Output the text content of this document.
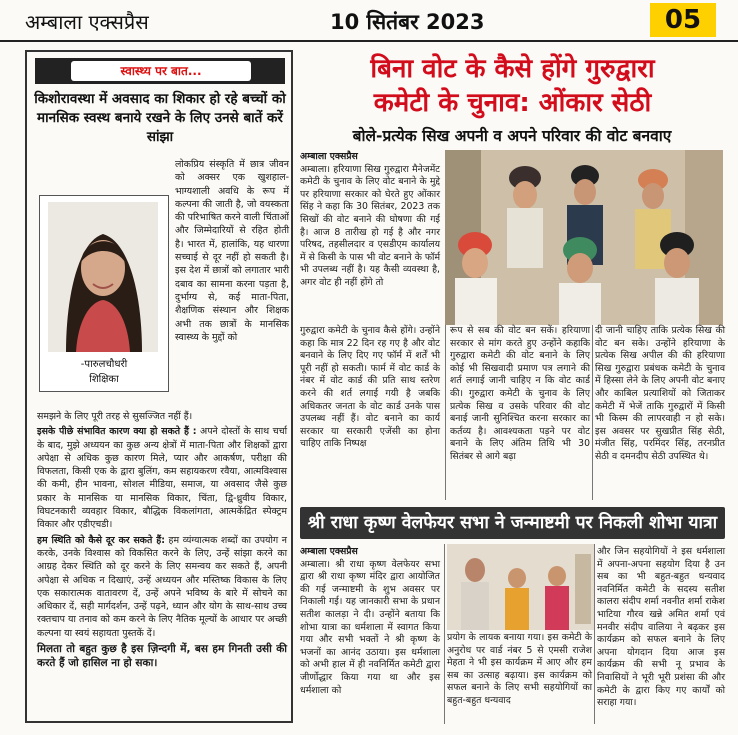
अम्बाला एक्सप्रैस	10 सितंबर 2023	05
स्वास्थ्य पर बात...
किशोरावस्था में अवसाद का शिकार हो रहे बच्चों को मानसिक स्वस्थ बनाये रखने के लिए उनसे बातें करें सांझा
-पारुलचौधरी
शिक्षिका

लोकप्रिय संस्कृति में छात्र जीवन को अक्सर एक खुशहाल-भाग्यशाली अवधि के रूप में कल्पना की जाती है, जो वयस्कता की परिभाषित करने वाली चिंताओं और जिम्मेदारियों से रहित होती है। भारत में, हालांकि, यह धारणा सच्चाई से दूर नहीं हो सकती है। इस देश में छात्रों को लगातार भारी दबाव का सामना करना पड़ता है, दुर्भाग्य से, कई माता-पिता, शैक्षणिक संस्थान और शिक्षक अभी तक छात्रों के मानसिक स्वास्थ्य के मुद्दों को

समझने के लिए पूरी तरह से सुसज्जित नहीं हैं।

इसके पीछे संभावित कारण क्या हो सकते हैं : अपने दोस्तों के साथ चर्चा के बाद, मुझे अध्ययन का कुछ अन्य क्षेत्रों में माता-पिता और शिक्षकों द्वारा अपेक्षा से अधिक कुछ कारण मिले, प्यार और आकर्षण, परीक्षा की विफलता, किसी एक के द्वारा बुलिंग, कम सहायकरण रवैया, आत्मविश्वास की कमी, हीन भावना, सोशल मीडिया, समाज, या अवसाद जैसे कुछ प्रकार के मानसिक या मानसिक विकार, चिंता, द्वि-ध्रुवीय विकार, विघटनकारी व्यवहार विकार, बौद्धिक विकलांगता, आत्मकेंद्रित स्पेक्ट्रम विकार और एडीएचडी।

हम स्थिति को कैसे दूर कर सकते हैं: हम व्यंग्यात्मक शब्दों का उपयोग न करके, उनके विश्वास को विकसित करने के लिए, उन्हें सांझा करने का आग्रह देकर स्थिति को दूर करने के लिए समन्वय कर सकते हैं, अपनी अपेक्षा से अधिक न दिखाएं, उन्हें अध्ययन और मस्तिष्क विकास के लिए एक सकारात्मक वातावरण दें, उन्हें अपने भविष्य के बारे में सोचने का अधिकार दें, सही मार्गदर्शन, उन्हें पढ़ने, ध्यान और योग के साथ-साथ उच्च रक्तचाप या तनाव को कम करने के लिए नैतिक मूल्यों के आधार पर अच्छी कल्पना या स्वयं सहायता पुस्तकें दें।

मिलता तो बहुत कुछ है इस ज़िन्दगी में, बस हम गिनती उसी की करते हैं जो हासिल ना हो सका।

बिना वोट के कैसे होंगे गुरुद्वारा
कमेटी के चुनाव: ओंकार सेठी
बोले-प्रत्येक सिख अपनी व अपने परिवार की वोट बनवाए
अम्बाला एक्सप्रैस
अम्बाला। हरियाणा सिख गुरुद्वारा मैनेजमेंट कमेटी के चुनाव के लिए वोट बनाने के मुद्दे पर हरियाणा सरकार को घेरते हुए ओंकार सिंह ने कहा कि 30 सितंबर, 2023 तक सिखों की वोट बनाने की घोषणा की गई है। आज 8 तारीख हो गई है और नगर परिषद, तहसीलदार व एसडीएम कार्यालय में से किसी के पास भी वोट बनाने के फॉर्म भी उपलब्ध नहीं है। यह कैसी व्यवस्था है, अगर वोट ही नहीं होंगे तो
गुरुद्वारा कमेटी के चुनाव कैसे होंगे। उन्होंने कहा कि मात्र 22 दिन रह गए है और वोट बनवाने के लिए दिए गए फॉर्म में शर्तें भी पूरी नहीं हो सकती। फार्म में वोट कार्ड के नंबर में वोट कार्ड की प्रति साथ स्तरेण करने की शर्त लगाई गयी है जबकि अधिकतर जनता के वोट कार्ड उनके पास उपलब्ध नहीं हैं। वोट बनाने का कार्य सरकार या सरकारी एजेंसी का होना चाहिए ताकि निष्पक्ष
रूप से सब की वोट बन सकें। हरियाणा सरकार से मांग करते हुए उन्होंने कहाकि गुरुद्वारा कमेटी की वोट बनाने के लिए कोई भी सिखवादी प्रमाण पत्र लगाने की शर्त लगाई जानी चाहिए न कि वोट कार्ड की। गुरुद्वारा कमेटी के चुनाव के लिए प्रत्येक सिख व उसके परिवार की वोट बनाई जानी सुनिश्चित करना सरकार का कर्तव्य है। आवश्यकता पड़ने पर वोट बनाने के लिए अंतिम तिथि भी 30 सितंबर से आगे बढ़ा
दी जानी चाहिए ताकि प्रत्येक सिख की वोट बन सके। उन्होंने हरियाणा के प्रत्येक सिख अपील की की हरियाणा सिख गुरुद्वारा प्रबंधक कमेटी के चुनाव में हिस्सा लेने के लिए अपनी वोट बनाए और काबिल प्रत्याशियों को जिताकर कमेटी में भेजें ताकि गुरुद्वारों में किसी भी किस्म की लापरवाही न हो सके। इस अवसर पर सुखप्रीत सिंह सेठी, मंजीत सिंह, परमिंदर सिंह, तरनप्रीत सेठी व दमनदीप सेठी उपस्थित थे।
श्री राधा कृष्ण वेलफेयर सभा ने जन्माष्टमी पर निकली शोभा यात्रा
अम्बाला एक्सप्रैस
अम्बाला। श्री राधा कृष्ण वेलफेयर सभा द्वारा श्री राधा कृष्ण मंदिर द्वारा आयोजित की गई जन्माष्टमी के शुभ अवसर पर निकाली गई। यह जानकारी सभा के प्रधान सतीश कालड़ा ने दी। उन्होंने बताया कि शोभा यात्रा का धर्मशाला में स्वागत किया गया और सभी भक्तों ने श्री कृष्ण के भजनों का आनंद उठाया। इस धर्मशाला को अभी हाल में ही नवनिर्मित कमेटी द्वारा जीर्णोद्धार किया गया था और इस धर्मशाला को
प्रयोग के लायक बनाया गया। इस कमेटी के अनुरोध पर वार्ड नंबर 5 से एमसी राजेश मेहता ने भी इस कार्यक्रम में आए और हम सब का उत्साह बढ़ाया। इस कार्यक्रम को सफल बनाने के लिए सभी सहयोगियों का बहुत-बहुत धन्यवाद
और जिन सहयोगियों ने इस धर्मशाला में अपना-अपना सहयोग दिया है उन सब का भी बहुत-बहुत धन्यवाद नवनिर्मित कमेटी के सदस्य सतीश कालरा संदीप शर्मा नवनीत शर्मा राकेश भाटिया गौरव खन्ने अमित शर्मा एवं मनवीर संदीप वालिया ने बढ़कर इस कार्यक्रम को सफल बनाने के लिए अपना योगदान दिया आज इस कार्यक्रम की सभी नू प्रभाव के निवासियों ने भूरी भूरी प्रशंसा की और कमेटी के द्वारा किए गए कार्यों को सराहा गया।
